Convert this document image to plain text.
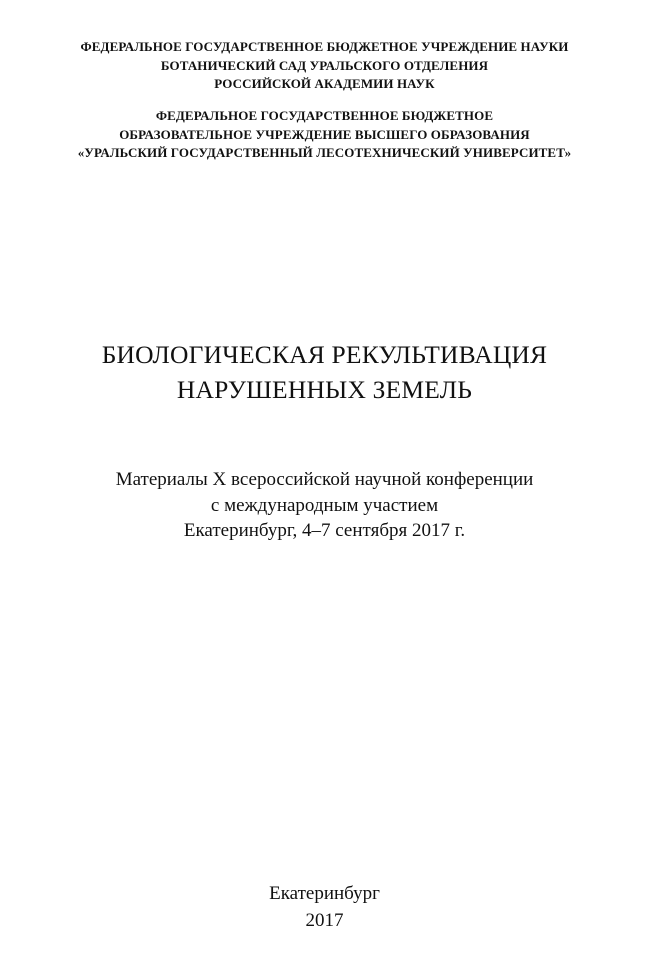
ФЕДЕРАЛЬНОЕ ГОСУДАРСТВЕННОЕ БЮДЖЕТНОЕ УЧРЕЖДЕНИЕ НАУКИ
БОТАНИЧЕСКИЙ САД УРАЛЬСКОГО ОТДЕЛЕНИЯ
РОССИЙСКОЙ АКАДЕМИИ НАУК
ФЕДЕРАЛЬНОЕ ГОСУДАРСТВЕННОЕ БЮДЖЕТНОЕ
ОБРАЗОВАТЕЛЬНОЕ УЧРЕЖДЕНИЕ ВЫСШЕГО ОБРАЗОВАНИЯ
«УРАЛЬСКИЙ ГОСУДАРСТВЕННЫЙ ЛЕСОТЕХНИЧЕСКИЙ УНИВЕРСИТЕТ»
БИОЛОГИЧЕСКАЯ РЕКУЛЬТИВАЦИЯ
НАРУШЕННЫХ ЗЕМЕЛЬ
Материалы X всероссийской научной конференции
с международным участием
Екатеринбург, 4–7 сентября 2017 г.
Екатеринбург
2017
